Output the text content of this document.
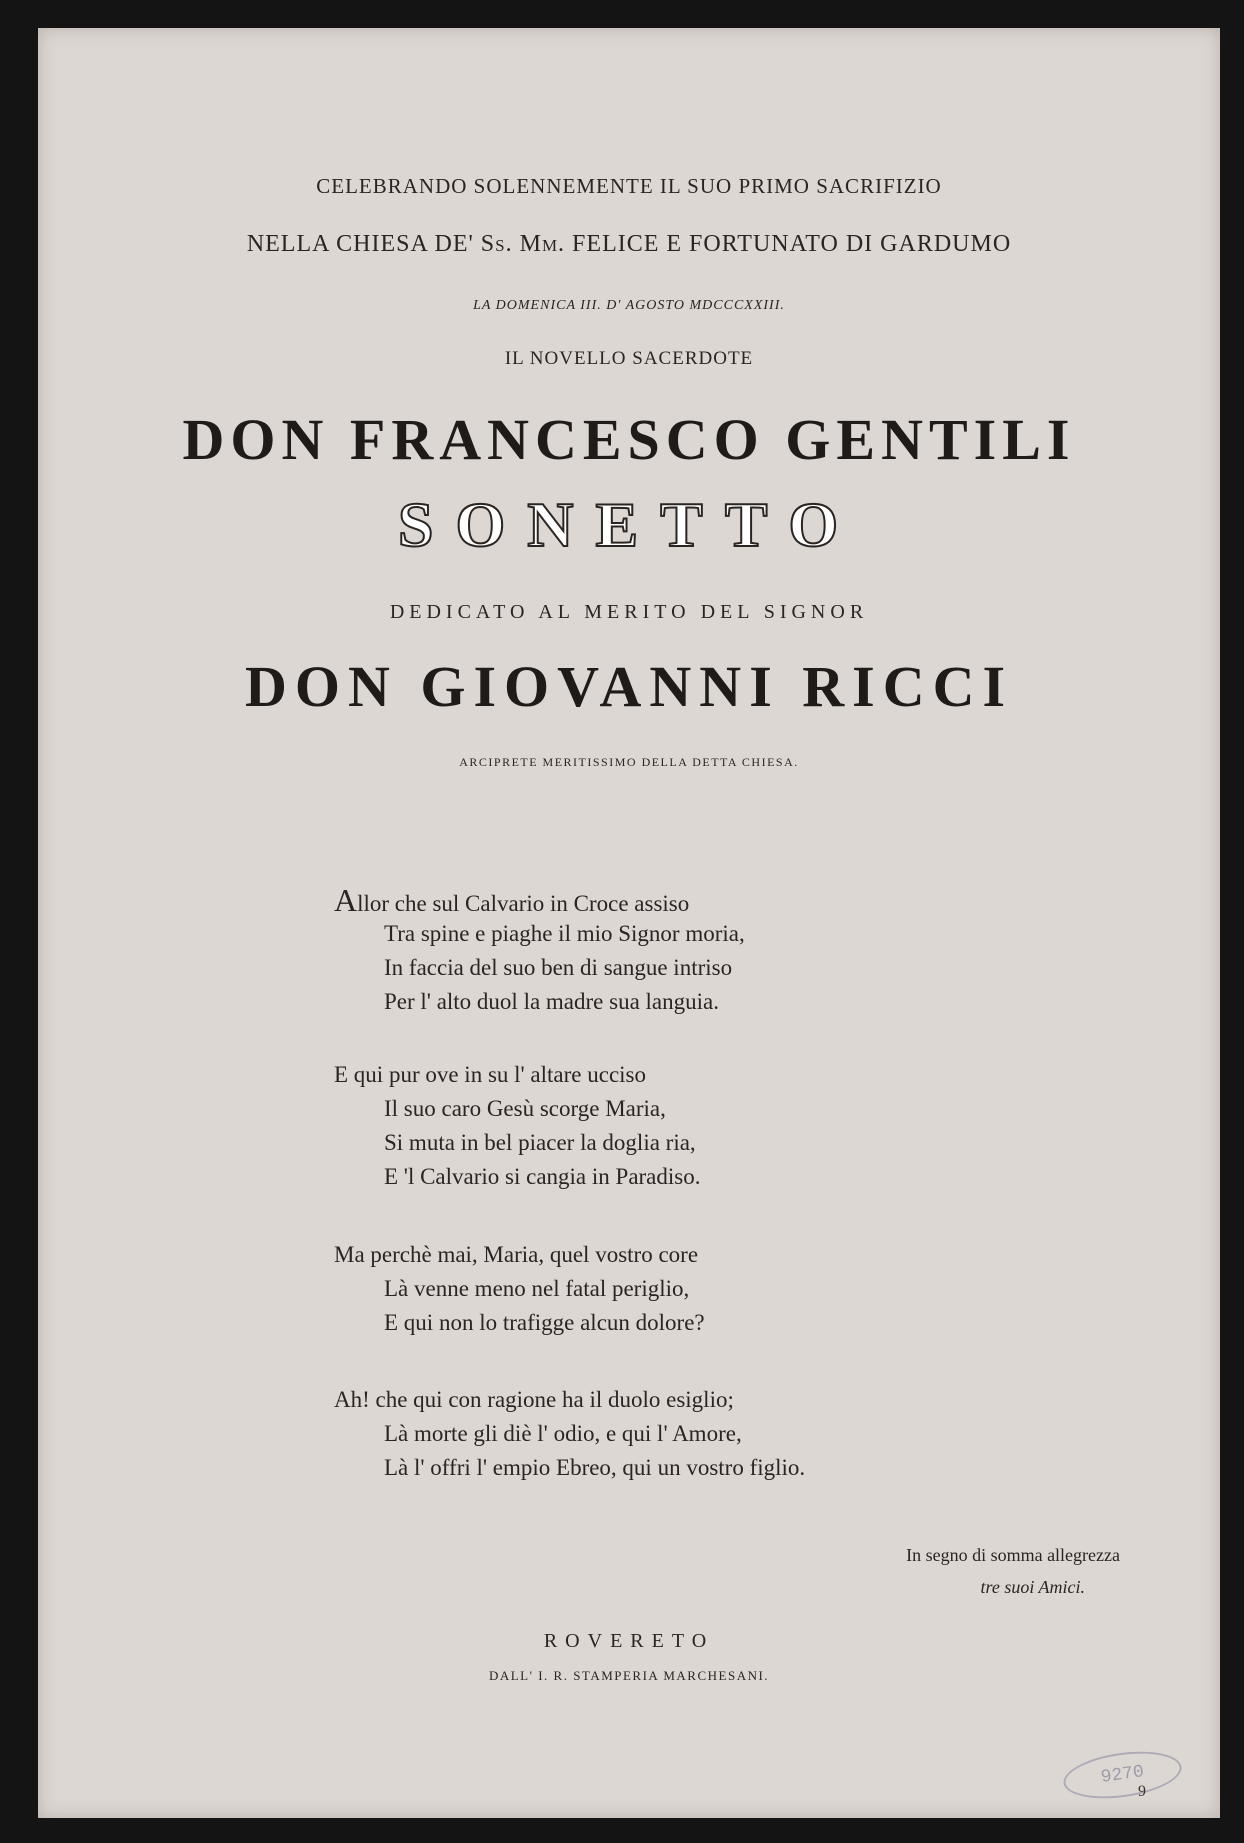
CELEBRANDO SOLENNEMENTE IL SUO PRIMO SACRIFIZIO
NELLA CHIESA DE' Ss. Mm. FELICE E FORTUNATO DI GARDUMO
LA DOMENICA III. D' AGOSTO MDCCCXXIII.
IL NOVELLO SACERDOTE
DON FRANCESCO GENTILI
SONETTO
DEDICATO AL MERITO DEL SIGNOR
DON GIOVANNI RICCI
ARCIPRETE MERITISSIMO DELLA DETTA CHIESA.
Allor che sul Calvario in Croce assiso
Tra spine e piaghe il mio Signor moria,
In faccia del suo ben di sangue intriso
Per l' alto duol la madre sua languia.
E qui pur ove in su l' altare ucciso
Il suo caro Gesù scorge Maria,
Si muta in bel piacer la doglia ria,
E 'l Calvario si cangia in Paradiso.
Ma perchè mai, Maria, quel vostro core
Là venne meno nel fatal periglio,
E qui non lo trafigge alcun dolore?
Ah! che qui con ragione ha il duolo esiglio;
Là morte gli diè l' odio, e qui l' Amore,
Là l' offri l' empio Ebreo, qui un vostro figlio.
In segno di somma allegrezza
tre suoi Amici.
ROVERETO
DALL' I. R. STAMPERIA MARCHESANI.
9270
9
